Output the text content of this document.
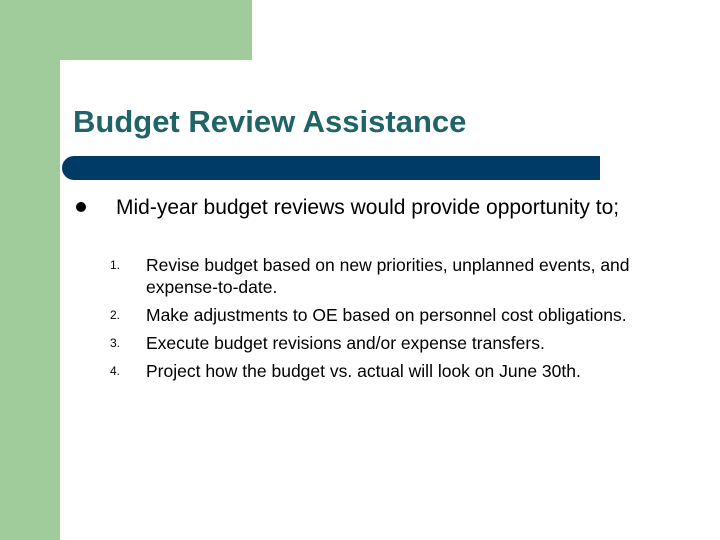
Budget Review Assistance

Mid-year budget reviews would provide opportunity to;

1.	Revise budget based on new priorities, unplanned events, and expense-to-date.
2.	Make adjustments to OE based on personnel cost obligations.
3.	Execute budget revisions and/or expense transfers.
4.	Project how the budget vs. actual will look on June 30th.
